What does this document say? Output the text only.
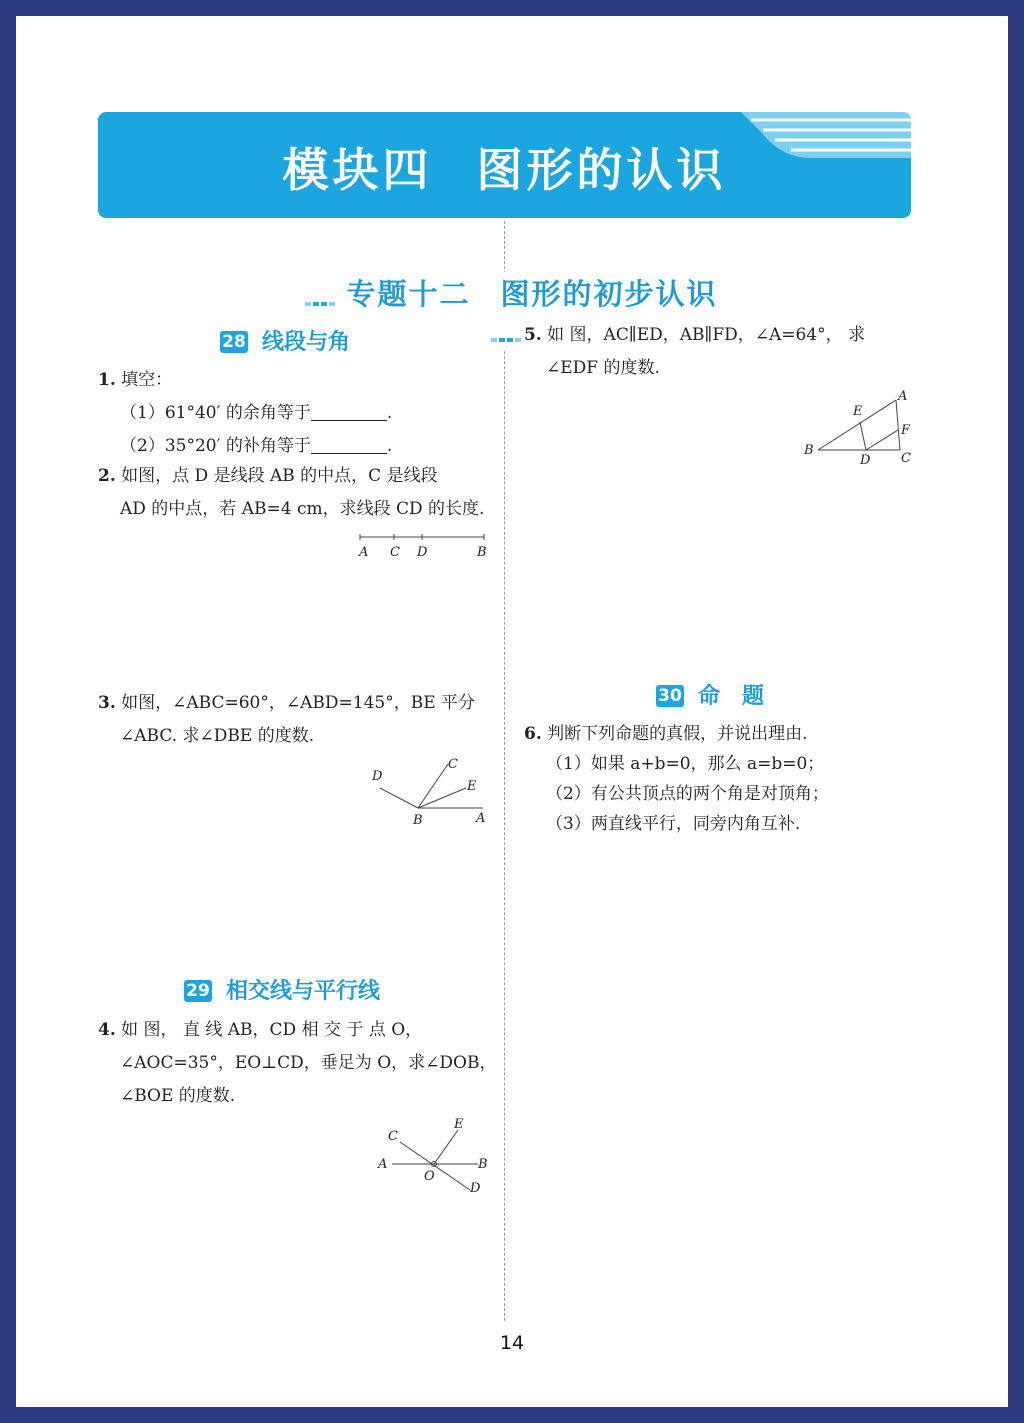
模块四 图形的认识
专题十二 图形的初步认识
28 线段与角

1. 填空：

（1）61°40′ 的余角等于	.

（2）35°20′ 的补角等于	.

2. 如图，点 D 是线段 AB 的中点，C 是线段

AD 的中点，若 AB=4 cm，求线段 CD 的长度.

A C D	B

3. 如图，∠ABC=60°，∠ABD=145°，BE 平分

∠ABC. 求∠DBE 的度数.

D
C
E
B	A
29 相交线与平行线

4. 如 图， 直 线 AB，CD 相 交 于 点 O，

∠AOC=35°，EO⊥CD，垂足为 O，求∠DOB，

∠BOE 的度数.

C
E
A
O
B
D

5. 如 图，AC∥ED，AB∥FD，∠A=64°， 求

∠EDF 的度数.

A
E
F
B
D C
30 命　题

6. 判断下列命题的真假，并说出理由.

（1）如果 a+b=0，那么 a=b=0；

（2）有公共顶点的两个角是对顶角；

（3）两直线平行，同旁内角互补.

14
